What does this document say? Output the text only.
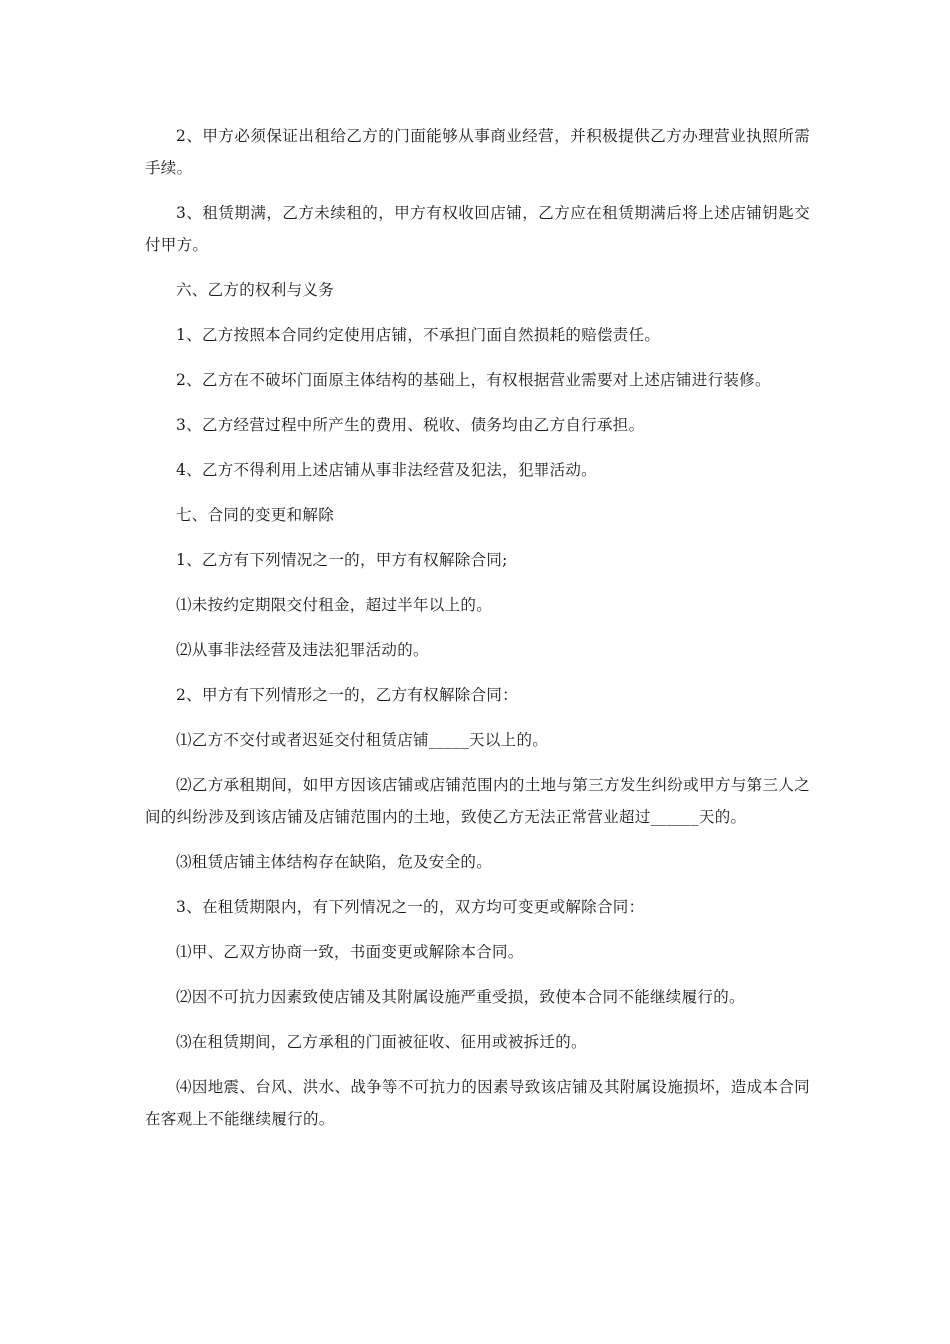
2、甲方必须保证出租给乙方的门面能够从事商业经营，并积极提供乙方办理营业执照所需手续。

3、租赁期满，乙方未续租的，甲方有权收回店铺，乙方应在租赁期满后将上述店铺钥匙交付甲方。

六、乙方的权利与义务

1、乙方按照本合同约定使用店铺，不承担门面自然损耗的赔偿责任。

2、乙方在不破坏门面原主体结构的基础上，有权根据营业需要对上述店铺进行装修。

3、乙方经营过程中所产生的费用、税收、债务均由乙方自行承担。

4、乙方不得利用上述店铺从事非法经营及犯法，犯罪活动。

七、合同的变更和解除

1、乙方有下列情况之一的，甲方有权解除合同;

⑴未按约定期限交付租金，超过半年以上的。

⑵从事非法经营及违法犯罪活动的。

2、甲方有下列情形之一的，乙方有权解除合同：

⑴乙方不交付或者迟延交付租赁店铺_____天以上的。

⑵乙方承租期间，如甲方因该店铺或店铺范围内的土地与第三方发生纠纷或甲方与第三人之间的纠纷涉及到该店铺及店铺范围内的土地，致使乙方无法正常营业超过______天的。

⑶租赁店铺主体结构存在缺陷，危及安全的。

3、在租赁期限内，有下列情况之一的，双方均可变更或解除合同：

⑴甲、乙双方协商一致，书面变更或解除本合同。

⑵因不可抗力因素致使店铺及其附属设施严重受损，致使本合同不能继续履行的。

⑶在租赁期间，乙方承租的门面被征收、征用或被拆迁的。

⑷因地震、台风、洪水、战争等不可抗力的因素导致该店铺及其附属设施损坏，造成本合同在客观上不能继续履行的。
